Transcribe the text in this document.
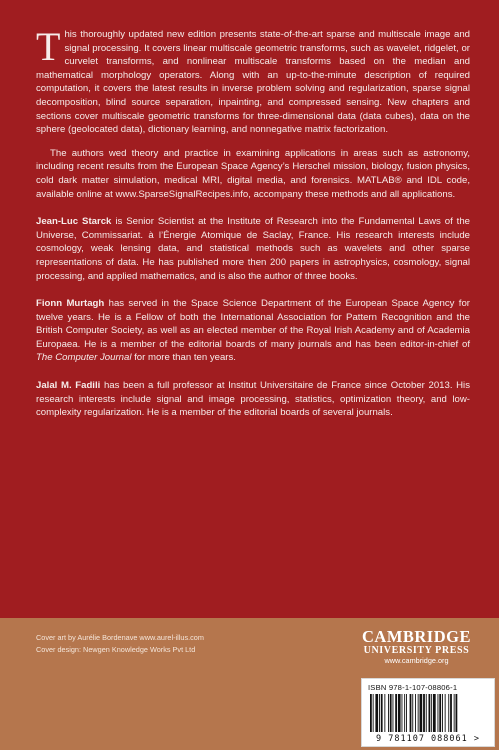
This thoroughly updated new edition presents state-of-the-art sparse and multiscale image and signal processing. It covers linear multiscale geometric transforms, such as wavelet, ridgelet, or curvelet transforms, and nonlinear multiscale transforms based on the median and mathematical morphology operators. Along with an up-to-the-minute description of required computation, it covers the latest results in inverse problem solving and regularization, sparse signal decomposition, blind source separation, inpainting, and compressed sensing. New chapters and sections cover multiscale geometric transforms for three-dimensional data (data cubes), data on the sphere (geolocated data), dictionary learning, and nonnegative matrix factorization.

The authors wed theory and practice in examining applications in areas such as astronomy, including recent results from the European Space Agency’s Herschel mission, biology, fusion physics, cold dark matter simulation, medical MRI, digital media, and forensics. MATLAB® and IDL code, available online at www.SparseSignalRecipes.info, accompany these methods and all applications.

Jean-Luc Starck is Senior Scientist at the Institute of Research into the Fundamental Laws of the Universe, Commissariat. à l’Énergie Atomique de Saclay, France. His research interests include cosmology, weak lensing data, and statistical methods such as wavelets and other sparse representations of data. He has published more then 200 papers in astrophysics, cosmology, signal processing, and applied mathematics, and is also the author of three books.

Fionn Murtagh has served in the Space Science Department of the European Space Agency for twelve years. He is a Fellow of both the International Association for Pattern Recognition and the British Computer Society, as well as an elected member of the Royal Irish Academy and of Academia Europaea. He is a member of the editorial boards of many journals and has been editor-in-chief of The Computer Journal for more than ten years.

Jalal M. Fadili has been a full professor at Institut Universitaire de France since October 2013. His research interests include signal and image processing, statistics, optimization theory, and low-complexity regularization. He is a member of the editorial boards of several journals.

Cover art by Aurélie Bordenave www.aurel-illus.com
Cover design: Newgen Knowledge Works Pvt Ltd
CAMBRIDGE
UNIVERSITY PRESS
www.cambridge.org
ISBN 978-1-107-08806-1
9 781107 088061 >
